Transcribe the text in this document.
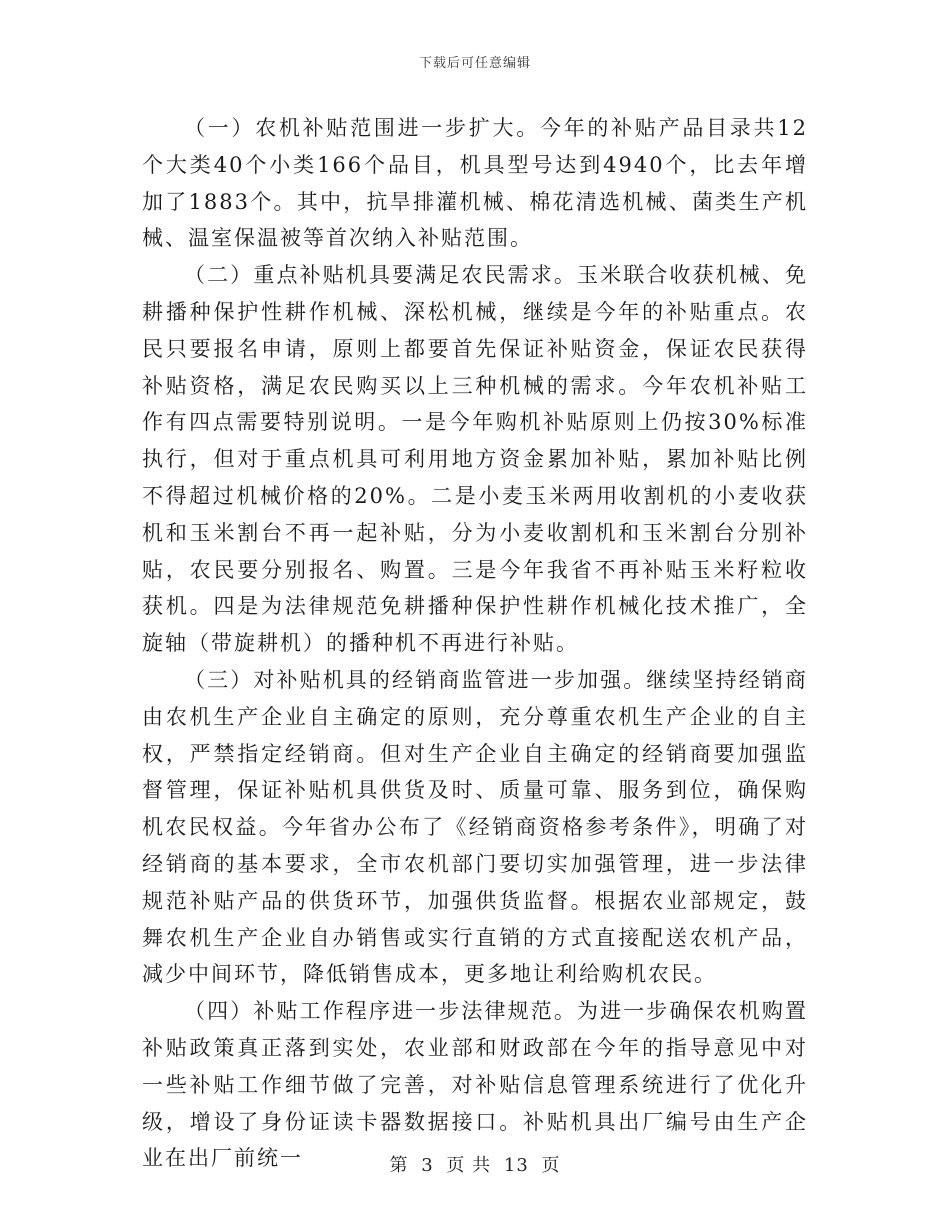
下载后可任意编辑

（一）农机补贴范围进一步扩大。今年的补贴产品目录共12个大类40个小类166个品目，机具型号达到4940个，比去年增加了1883个。其中，抗旱排灌机械、棉花清选机械、菌类生产机械、温室保温被等首次纳入补贴范围。

（二）重点补贴机具要满足农民需求。玉米联合收获机械、免耕播种保护性耕作机械、深松机械，继续是今年的补贴重点。农民只要报名申请，原则上都要首先保证补贴资金，保证农民获得补贴资格，满足农民购买以上三种机械的需求。今年农机补贴工作有四点需要特别说明。一是今年购机补贴原则上仍按30%标准执行，但对于重点机具可利用地方资金累加补贴，累加补贴比例不得超过机械价格的20%。二是小麦玉米两用收割机的小麦收获机和玉米割台不再一起补贴，分为小麦收割机和玉米割台分别补贴，农民要分别报名、购置。三是今年我省不再补贴玉米籽粒收获机。四是为法律规范免耕播种保护性耕作机械化技术推广，全旋轴（带旋耕机）的播种机不再进行补贴。

（三）对补贴机具的经销商监管进一步加强。继续坚持经销商由农机生产企业自主确定的原则，充分尊重农机生产企业的自主权，严禁指定经销商。但对生产企业自主确定的经销商要加强监督管理，保证补贴机具供货及时、质量可靠、服务到位，确保购机农民权益。今年省办公布了《经销商资格参考条件》，明确了对经销商的基本要求，全市农机部门要切实加强管理，进一步法律规范补贴产品的供货环节，加强供货监督。根据农业部规定，鼓舞农机生产企业自办销售或实行直销的方式直接配送农机产品，减少中间环节，降低销售成本，更多地让利给购机农民。

（四）补贴工作程序进一步法律规范。为进一步确保农机购置补贴政策真正落到实处，农业部和财政部在今年的指导意见中对一些补贴工作细节做了完善，对补贴信息管理系统进行了优化升级，增设了身份证读卡器数据接口。补贴机具出厂编号由生产企业在出厂前统一	第 3 页 共 13 页
